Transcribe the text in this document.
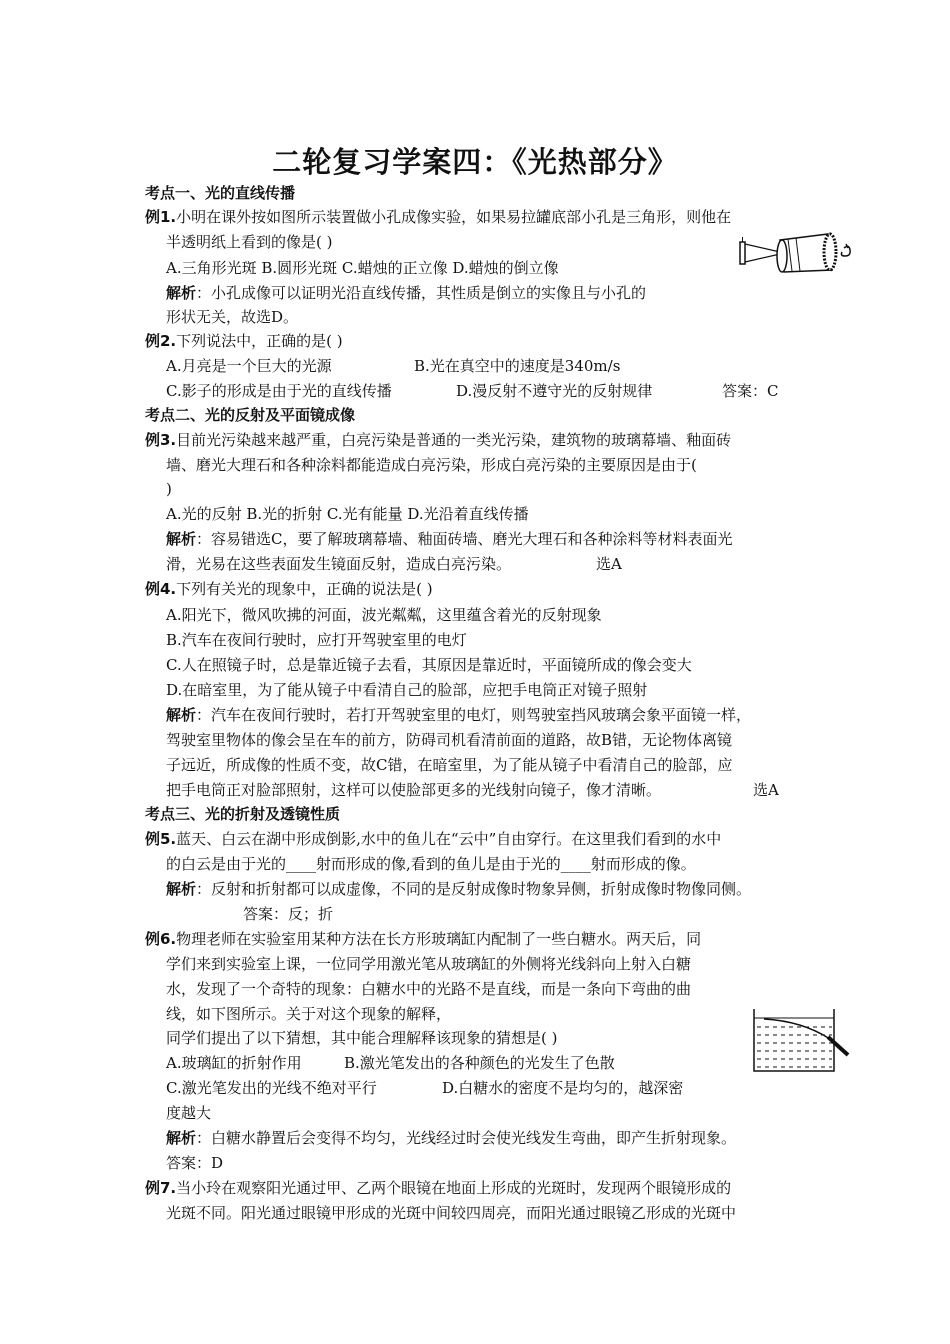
二轮复习学案四：《光热部分》
考点一、光的直线传播
例1.小明在课外按如图所示装置做小孔成像实验，如果易拉罐底部小孔是三角形，则他在
半透明纸上看到的像是( )
A.三角形光斑 B.圆形光斑 C.蜡烛的正立像 D.蜡烛的倒立像
解析：小孔成像可以证明光沿直线传播，其性质是倒立的实像且与小孔的
形状无关，故选D。
例2.下列说法中，正确的是( )
A.月亮是一个巨大的光源	B.光在真空中的速度是340m/s
C.影子的形成是由于光的直线传播	D.漫反射不遵守光的反射规律	答案：C
考点二、光的反射及平面镜成像
例3.目前光污染越来越严重，白亮污染是普通的一类光污染，建筑物的玻璃幕墙、釉面砖
墙、磨光大理石和各种涂料都能造成白亮污染，形成白亮污染的主要原因是由于(
)
A.光的反射 B.光的折射 C.光有能量 D.光沿着直线传播
解析：容易错选C，要了解玻璃幕墙、釉面砖墙、磨光大理石和各种涂料等材料表面光
滑，光易在这些表面发生镜面反射，造成白亮污染。	选A
例4.下列有关光的现象中，正确的说法是( )
A.阳光下，微风吹拂的河面，波光粼粼，这里蕴含着光的反射现象
B.汽车在夜间行驶时，应打开驾驶室里的电灯
C.人在照镜子时，总是靠近镜子去看，其原因是靠近时，平面镜所成的像会变大
D.在暗室里，为了能从镜子中看清自己的脸部，应把手电筒正对镜子照射
解析：汽车在夜间行驶时，若打开驾驶室里的电灯，则驾驶室挡风玻璃会象平面镜一样，
驾驶室里物体的像会呈在车的前方，防碍司机看清前面的道路，故B错，无论物体离镜
子远近，所成像的性质不变，故C错，在暗室里，为了能从镜子中看清自己的脸部，应
把手电筒正对脸部照射，这样可以使脸部更多的光线射向镜子，像才清晰。	选A
考点三、光的折射及透镜性质
例5.蓝天、白云在湖中形成倒影,水中的鱼儿在“云中”自由穿行。在这里我们看到的水中
的白云是由于光的____射而形成的像,看到的鱼儿是由于光的____射而形成的像。
解析：反射和折射都可以成虚像，不同的是反射成像时物象异侧，折射成像时物像同侧。
答案：反；折
例6.物理老师在实验室用某种方法在长方形玻璃缸内配制了一些白糖水。两天后，同
学们来到实验室上课，一位同学用激光笔从玻璃缸的外侧将光线斜向上射入白糖
水，发现了一个奇特的现象：白糖水中的光路不是直线，而是一条向下弯曲的曲
线，如下图所示。关于对这个现象的解释，
同学们提出了以下猜想，其中能合理解释该现象的猜想是( )
A.玻璃缸的折射作用	B.激光笔发出的各种颜色的光发生了色散
C.激光笔发出的光线不绝对平行	D.白糖水的密度不是均匀的，越深密
度越大
解析：白糖水静置后会变得不均匀，光线经过时会使光线发生弯曲，即产生折射现象。
答案：D
例7.当小玲在观察阳光通过甲、乙两个眼镜在地面上形成的光斑时，发现两个眼镜形成的
光斑不同。阳光通过眼镜甲形成的光斑中间较四周亮，而阳光通过眼镜乙形成的光斑中
